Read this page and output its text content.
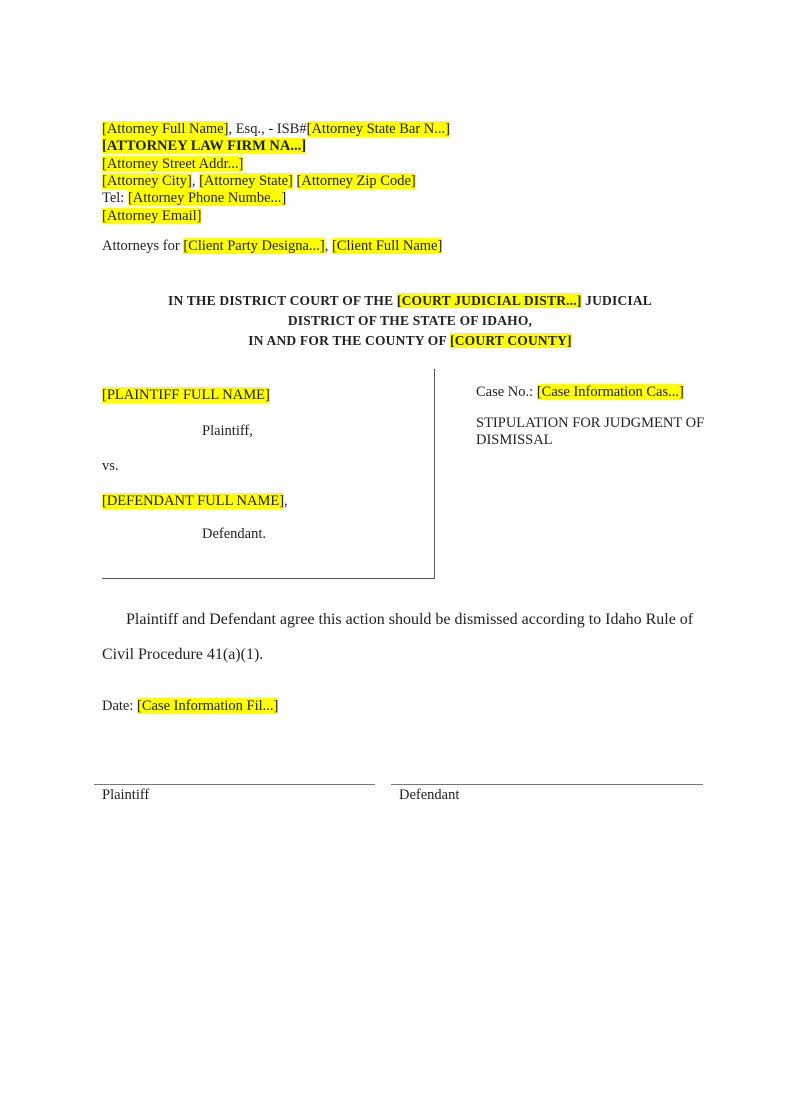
[Attorney Full Name], Esq., - ISB#[Attorney State Bar N...]
[ATTORNEY LAW FIRM NA...]
[Attorney Street Addr...]
[Attorney City], [Attorney State] [Attorney Zip Code]
Tel: [Attorney Phone Numbe...]
[Attorney Email]
Attorneys for [Client Party Designa...], [Client Full Name]
IN THE DISTRICT COURT OF THE [COURT JUDICIAL DISTR...] JUDICIAL
DISTRICT OF THE STATE OF IDAHO,
IN AND FOR THE COUNTY OF [COURT COUNTY]
[PLAINTIFF FULL NAME]
Plaintiff,
vs.
[DEFENDANT FULL NAME],
Defendant.
Case No.: [Case Information Cas...]
STIPULATION FOR JUDGMENT OF
DISMISSAL
Plaintiff and Defendant agree this action should be dismissed according to Idaho Rule of
Civil Procedure 41(a)(1).
Date: [Case Information Fil...]
Plaintiff	Defendant
